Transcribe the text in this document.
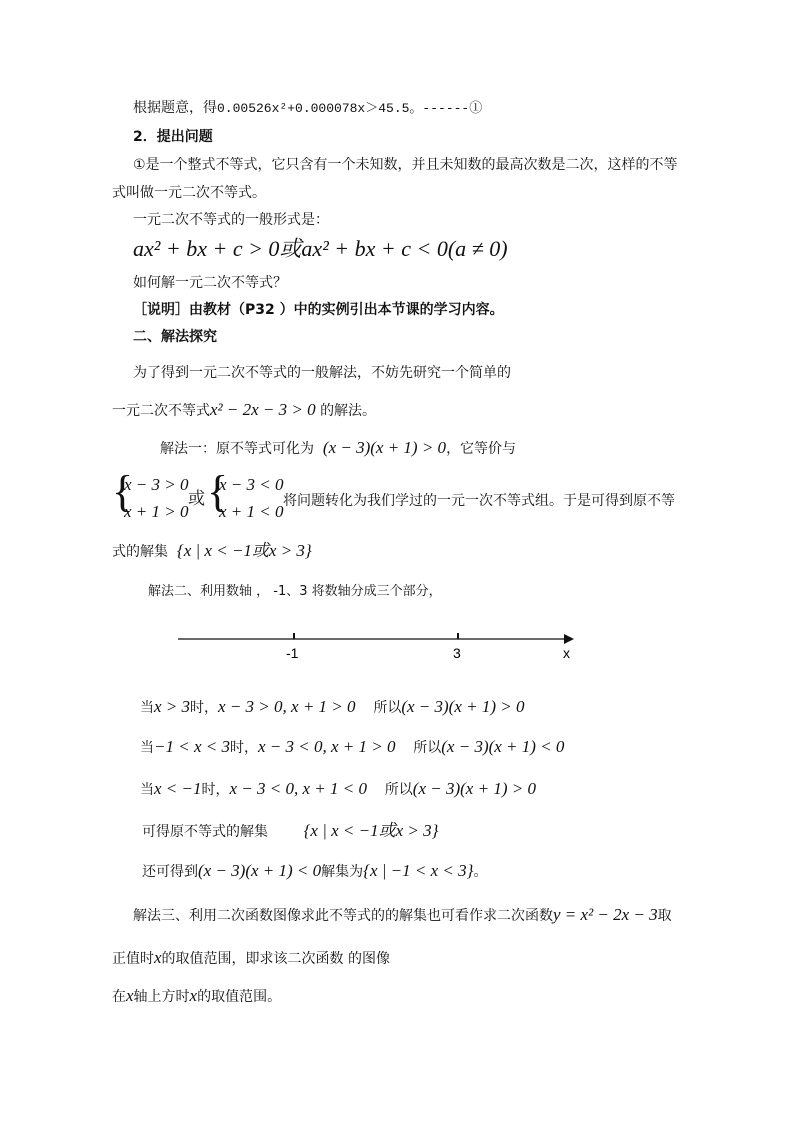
根据题意，得0.00526x²+0.000078x＞45.5。------①
2．提出问题
①是一个整式不等式，它只含有一个未知数，并且未知数的最高次数是二次，这样的不等
式叫做一元二次不等式。
一元二次不等式的一般形式是：
ax² + bx + c > 0或ax² + bx + c < 0(a ≠ 0)
如何解一元二次不等式？
［说明］由教材（P32 ）中的实例引出本节课的学习内容。
二、解法探究
为了得到一元二次不等式的一般解法，不妨先研究一个简单的
一元二次不等式x² − 2x − 3 > 0 的解法。
解法一：原不等式可化为 (x − 3)(x + 1) > 0，它等价与
{
x − 3 > 0
x + 1 > 0
或 {
x − 3 < 0
x + 1 < 0
将问题转化为我们学过的一元一次不等式组。于是可得到原不等
式的解集 {x | x < −1或x > 3}
解法二、利用数轴 ， -1、3 将数轴分成三个部分，
-1	3	x
当x > 3时，x − 3 > 0, x + 1 > 0 所以(x − 3)(x + 1) > 0
当−1 < x < 3时，x − 3 < 0, x + 1 > 0 所以(x − 3)(x + 1) < 0
当x < −1时，x − 3 < 0, x + 1 < 0 所以(x − 3)(x + 1) > 0
可得原不等式的解集 {x | x < −1或x > 3}
还可得到(x − 3)(x + 1) < 0解集为{x | −1 < x < 3}。
解法三、利用二次函数图像求此不等式的的解集也可看作求二次函数y = x² − 2x − 3取
正值时x的取值范围，即求该二次函数 的图像
在x轴上方时x的取值范围。
